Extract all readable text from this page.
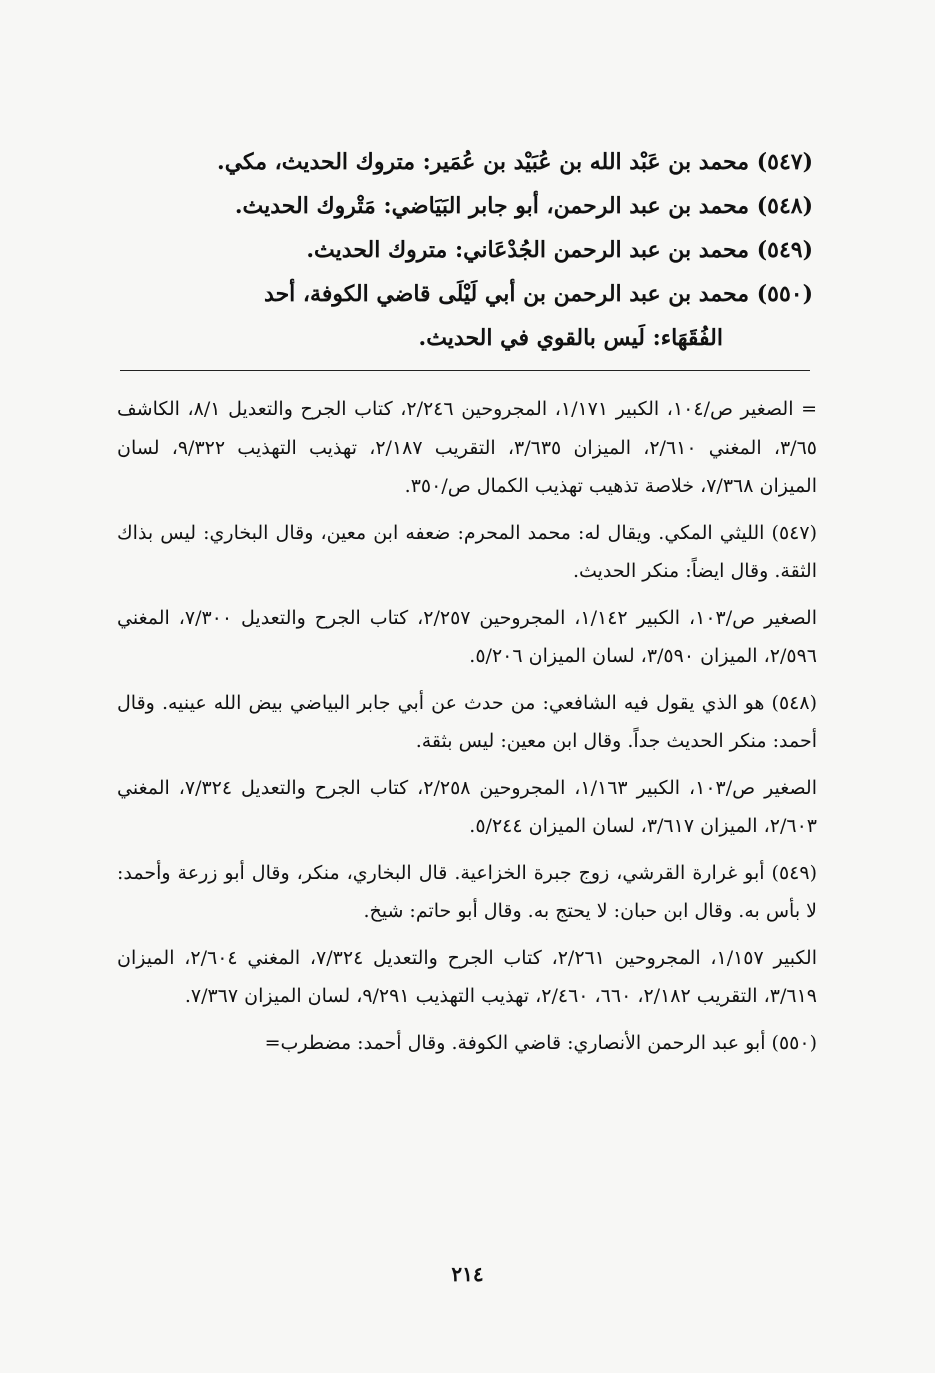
(٥٤٧) محمد بن عَبْد الله بن عُبَيْد بن عُمَير: متروك الحديث، مكي.

(٥٤٨) محمد بن عبد الرحمن، أبو جابر البَيَاضي: مَتْروك الحديث.

(٥٤٩) محمد بن عبد الرحمن الجُدْعَاني: متروك الحديث.

(٥٥٠) محمد بن عبد الرحمن بن أبي لَيْلَى قاضي الكوفة، أحد
الفُقَهَاء: لَيس بالقوي في الحديث.

= الصغير ص/١٠٤، الكبير ١/١٧١، المجروحين ٢/٢٤٦، كتاب الجرح والتعديل ٨/١، الكاشف ٣/٦٥، المغني ٢/٦١٠، الميزان ٣/٦٣٥، التقريب ٢/١٨٧، تهذيب التهذيب ٩/٣٢٢، لسان الميزان ٧/٣٦٨، خلاصة تذهيب تهذيب الكمال ص/٣٥٠.

(٥٤٧) الليثي المكي. ويقال له: محمد المحرم: ضعفه ابن معين، وقال البخاري: ليس بذاك الثقة. وقال ايضاً: منكر الحديث.

الصغير ص/١٠٣، الكبير ١/١٤٢، المجروحين ٢/٢٥٧، كتاب الجرح والتعديل ٧/٣٠٠، المغني ٢/٥٩٦، الميزان ٣/٥٩٠، لسان الميزان ٥/٢٠٦.

(٥٤٨) هو الذي يقول فيه الشافعي: من حدث عن أبي جابر البياضي بيض الله عينيه. وقال أحمد: منكر الحديث جداً. وقال ابن معين: ليس بثقة.

الصغير ص/١٠٣، الكبير ١/١٦٣، المجروحين ٢/٢٥٨، كتاب الجرح والتعديل ٧/٣٢٤، المغني ٢/٦٠٣، الميزان ٣/٦١٧، لسان الميزان ٥/٢٤٤.

(٥٤٩) أبو غرارة القرشي، زوج جبرة الخزاعية. قال البخاري، منكر، وقال أبو زرعة وأحمد: لا بأس به. وقال ابن حبان: لا يحتج به. وقال أبو حاتم: شيخ.

الكبير ١/١٥٧، المجروحين ٢/٢٦١، كتاب الجرح والتعديل ٧/٣٢٤، المغني ٢/٦٠٤، الميزان ٣/٦١٩، التقريب ٢/١٨٢، ٦٦٠، ٢/٤٦٠، تهذيب التهذيب ٩/٢٩١، لسان الميزان ٧/٣٦٧.

(٥٥٠) أبو عبد الرحمن الأنصاري: قاضي الكوفة. وقال أحمد: مضطرب=

٢١٤
